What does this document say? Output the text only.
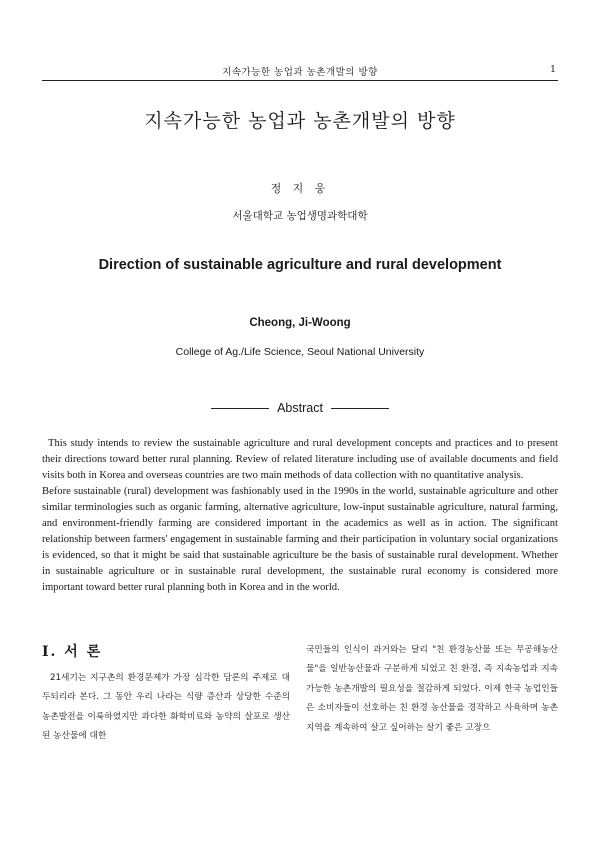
지속가능한 농업과 농촌개발의 방향	1
지속가능한 농업과 농촌개발의 방향
정 지 웅
서울대학교 농업생명과학대학
Direction of sustainable agriculture and rural development
Cheong, Ji-Woong
College of Ag./Life Science, Seoul National University
Abstract

This study intends to review the sustainable agriculture and rural development concepts and practices and to present their directions toward better rural planning. Review of related literature including use of available documents and field visits both in Korea and overseas countries are two main methods of data collection with no quantitative analysis.

Before sustainable (rural) development was fashionably used in the 1990s in the world, sustainable agriculture and other similar terminologies such as organic farming, alternative agriculture, low-input sustainable agriculture, natural farming, and environment-friendly farming are considered important in the academics as well as in action. The significant relationship between farmers' engagement in sustainable farming and their participation in voluntary social organizations is evidenced, so that it might be said that sustainable agriculture be the basis of sustainable rural development. Whether in sustainable agriculture or in sustainable rural development, the sustainable rural economy is considered more important toward better rural planning both in Korea and in the world.

I. 서 론

21세기는 지구촌의 환경문제가 가장 심각한 담론의 주제로 대두되리라 본다. 그 동안 우리 나라는 식량 증산과 상당한 수준의 농촌발전을 이룩하였지만 과다한 화학비료와 농약의 살포로 생산된 농산물에 대한

국민들의 인식이 과거와는 달리 "친 환경농산물 또는 무공해농산물"을 일반농산물과 구분하게 되었고 친 환경, 즉 지속농업과 지속 가능한 농촌개발의 필요성을 절감하게 되었다. 이제 한국 농업인들은 소비자들이 선호하는 친 환경 농산물을 경작하고 사육하며 농촌지역을 계속하여 살고 싶어하는 살기 좋은 고장으
